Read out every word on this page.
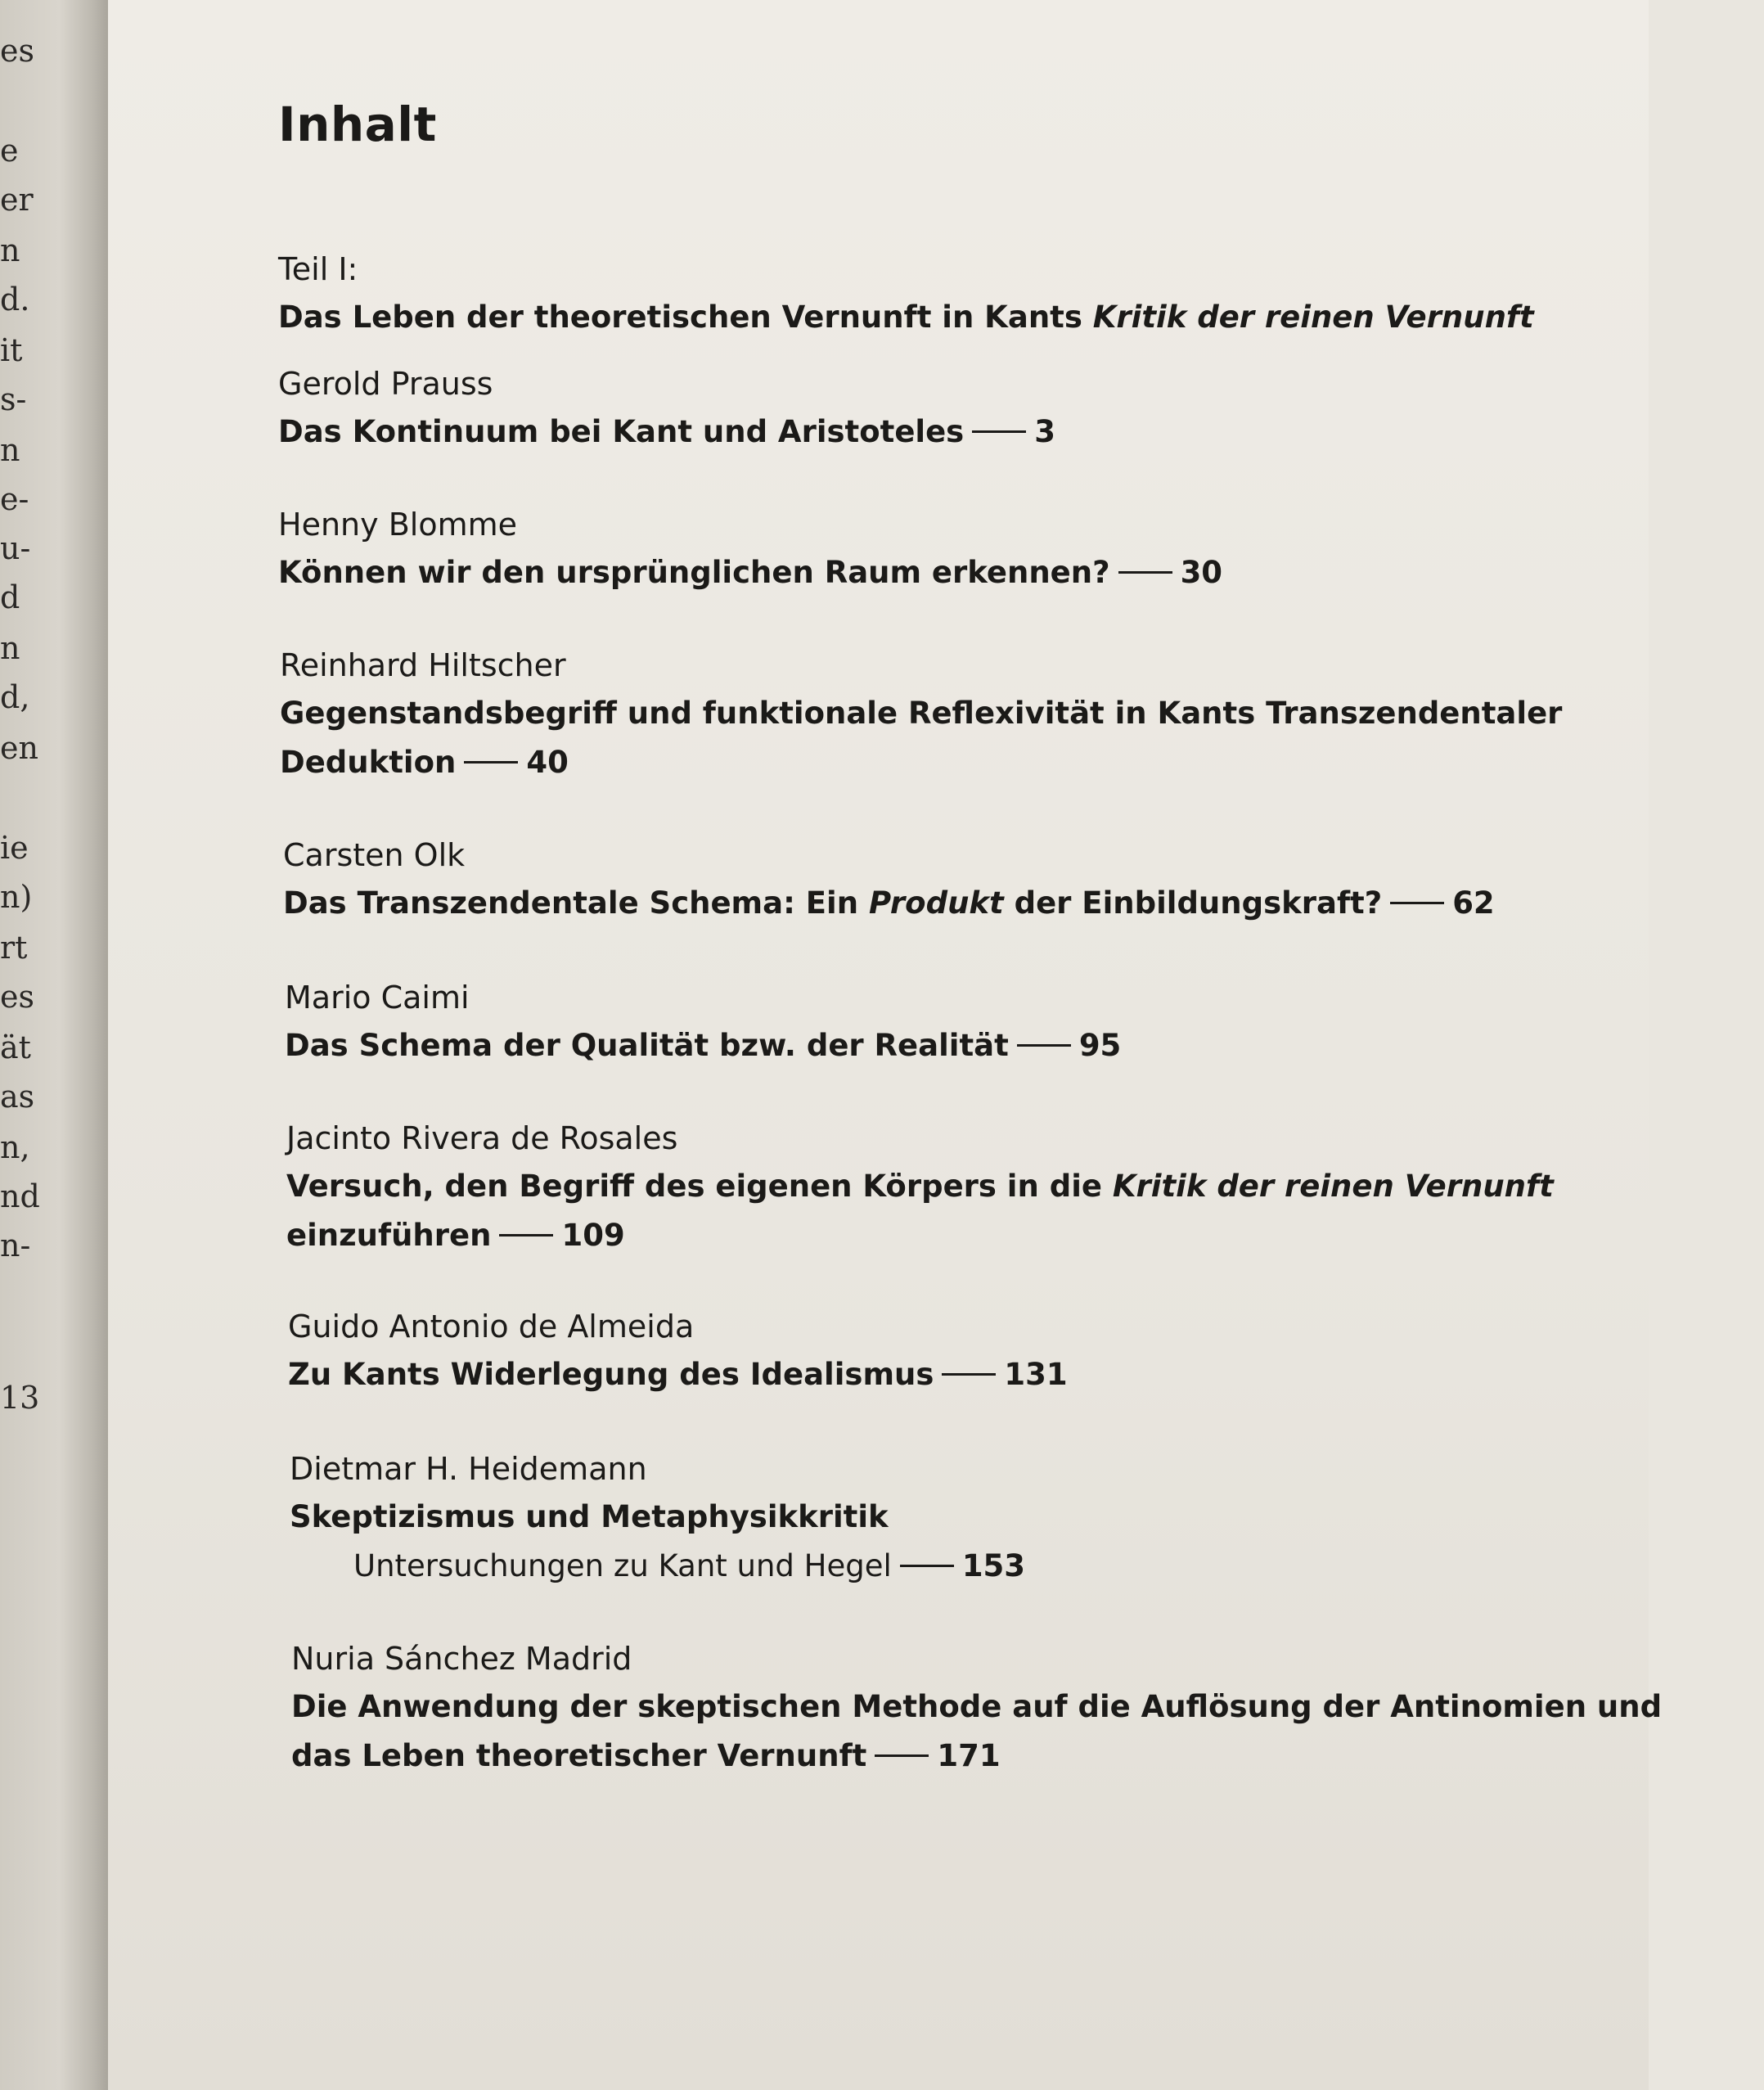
es
e
er
n
d.
it
s-
n
e-
u-
d
n
d,
en
ie
n)
rt
es
ät
as
n,
nd
n-
13
Inhalt
Teil I:
Das Leben der theoretischen Vernunft in Kants Kritik der reinen Vernunft
Gerold Prauss
Das Kontinuum bei Kant und Aristoteles 3
Henny Blomme
Können wir den ursprünglichen Raum erkennen? 30
Reinhard Hiltscher
Gegenstandsbegriff und funktionale Reflexivität in Kants Transzendentaler
Deduktion 40
Carsten Olk
Das Transzendentale Schema: Ein Produkt der Einbildungskraft? 62
Mario Caimi
Das Schema der Qualität bzw. der Realität 95
Jacinto Rivera de Rosales
Versuch, den Begriff des eigenen Körpers in die Kritik der reinen Vernunft
einzuführen 109
Guido Antonio de Almeida
Zu Kants Widerlegung des Idealismus 131
Dietmar H. Heidemann
Skeptizismus und Metaphysikkritik
Untersuchungen zu Kant und Hegel 153
Nuria Sánchez Madrid
Die Anwendung der skeptischen Methode auf die Auflösung der Antinomien und
das Leben theoretischer Vernunft 171
